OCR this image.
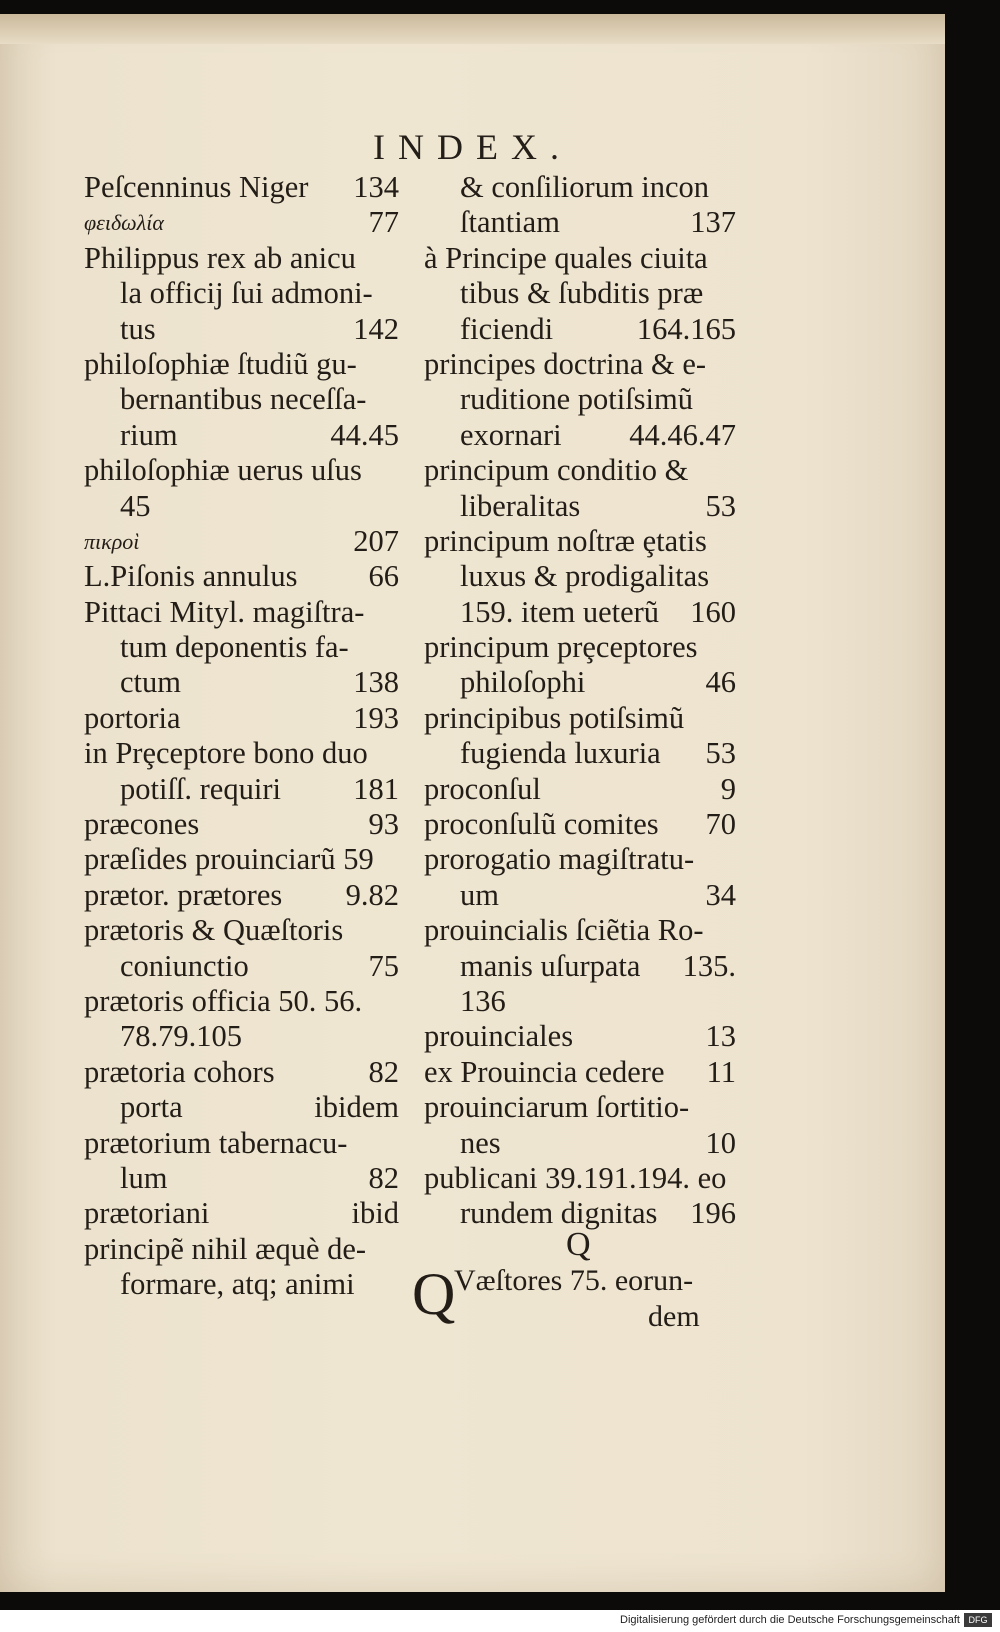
INDEX.
Peſcenninus Niger 134
φειδωλία	77
Philippus rex ab anicu
la officij ſui admoni-
tus	142
philoſophiæ ſtudiũ gu-
bernantibus neceſſa-
rium	44.45
philoſophiæ uerus uſus
45
πικροὶ	207
L.Piſonis annulus 66
Pittaci Mityl. magiſtra-
tum deponentis fa-
ctum	138
portoria	193
in Prȩceptore bono duo
potiſſ. requiri 181
præcones	93
præſides prouinciarũ 59
prætor. prætores 9.82
prætoris & Quæſtoris
coniunctio	75
prætoris officia 50. 56.
78.79.105
prætoria cohors	82
porta	ibidem
prætorium tabernacu-
lum	82
prætoriani	ibid
principẽ nihil æquè de-
formare, atq; animi
& conſiliorum incon
ſtantiam	137
à Principe quales ciuita
tibus & ſubditis præ
ficiendi	164.165
principes doctrina & e-
ruditione potiſsimũ
exornari 44.46.47
principum conditio &
liberalitas	53
principum noſtræ ȩtatis
luxus & prodigalitas
159. item ueterũ 160
principum prȩceptores
philoſophi	46
principibus potiſsimũ
fugienda luxuria 53
proconſul	9
proconſulũ comites 70
prorogatio magiſtratu-
um	34
prouincialis ſciẽtia Ro-
manis uſurpata 135.
136
prouinciales	13
ex Prouincia cedere 11
prouinciarum ſortitio-
nes	10
publicani 39.191.194. eo
rundem dignitas 196
Q
Q
Væſtores 75. eorun-
dem
Digitalisierung gefördert durch die Deutsche Forschungsgemeinschaft DFG
